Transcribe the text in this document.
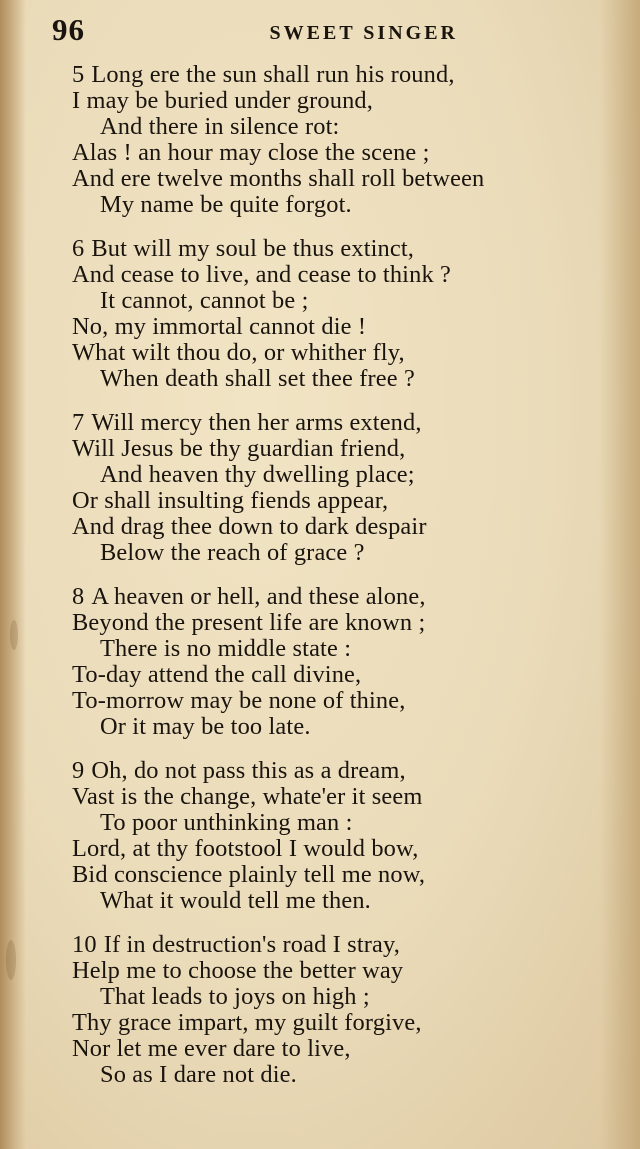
96	SWEET SINGER
5 Long ere the sun shall run his round,
I may be buried under ground,
And there in silence rot:
Alas ! an hour may close the scene ;
And ere twelve months shall roll between
My name be quite forgot.
6 But will my soul be thus extinct,
And cease to live, and cease to think ?
It cannot, cannot be ;
No, my immortal cannot die !
What wilt thou do, or whither fly,
When death shall set thee free ?
7 Will mercy then her arms extend,
Will Jesus be thy guardian friend,
And heaven thy dwelling place;
Or shall insulting fiends appear,
And drag thee down to dark despair
Below the reach of grace ?
8 A heaven or hell, and these alone,
Beyond the present life are known ;
There is no middle state :
To-day attend the call divine,
To-morrow may be none of thine,
Or it may be too late.
9 Oh, do not pass this as a dream,
Vast is the change, whate'er it seem
To poor unthinking man :
Lord, at thy footstool I would bow,
Bid conscience plainly tell me now,
What it would tell me then.
10 If in destruction's road I stray,
Help me to choose the better way
That leads to joys on high ;
Thy grace impart, my guilt forgive,
Nor let me ever dare to live,
So as I dare not die.
